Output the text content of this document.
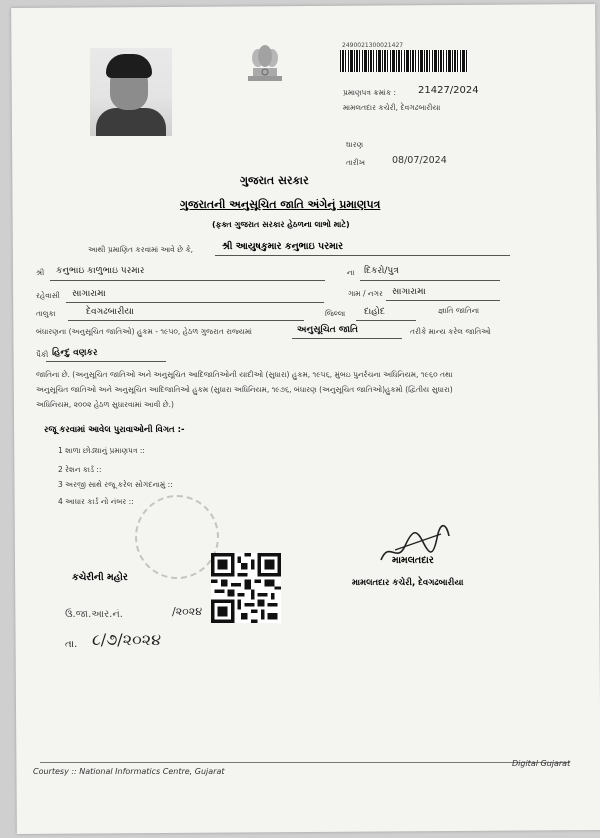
2490021300021427
પ્રમાણપત્ર ક્રમાંક : 21427/2024
મામલતદાર કચેરી, દેવગઢબારીયા
ઘારણ
તારીખ	08/07/2024
ગુજરાત સરકાર
ગુજરાતની અનુસૂચિત જાતિ અંગેનું પ્રમાણપત્ર
(ફક્ત ગુજરાત સરકાર હેઠળના લાભો માટે)
આથી પ્રમાણિત કરવામાં આવે છે કે,	શ્રી આયુષકુમાર કનુભાઇ પરમાર
શ્રી કનુભાઇ કાળુભાઇ પરમાર	ના દિકરો/પુત્ર
રહેવાસી સાગારામા	ગામ / નગર સાગારામા
તાલુકા	દેવગઢબારીયા	જિલ્લા દાહોદ	જ્ઞાતિ જાતિના
બંધારણના (અનુસૂચિત જાતિઓ) હુકમ - ૧૯૫૦, હેઠળ ગુજરાત રાજ્યમાં	અનુસૂચિત જાતિ	તરીકે માન્ય કરેલ જાતિઓ
પૈકી હિન્દુ વણકર
જાતિના છે. (અનુસૂચિત જાતિઓ અને અનુસૂચિત આદિજાતિઓની યાદીઓ (સુધારા) હુકમ, ૧૯૫૬, મુંબઇ પુનર્રચના અધિનિયમ, ૧૯૬૦ તથા
અનુસૂચિત જાતિઓ અને અનુસૂચિત આદિજાતિઓ હુકમ (સુધારા અધિનિયમ, ૧૯૭૬, બંધારણ (અનુસૂચિત જાતિઓ)હુકમો (દ્વિતીય સુધારા)
અધિનિયમ, ૨૦૦૨ હેઠળ સુધારવામાં આવી છે.)
રજૂ કરવામાં આવેલ પુરાવાઓની વિગત :-
1 શાળા છોડ્યાનું પ્રમાણપત્ર ::
2 રેશન કાર્ડ ::
3 અરજી સાથે રજૂ કરેલ સોગંદનામું ::
4 આધાર કાર્ડ નો નંબર ::
મામલતદાર
મામલતદાર કચેરી, દેવગઢબારીયા
કચેરીની મહોર
ઉ.જા.આર.નં.	/૨૦૨૪
તા. ૮/૭/૨૦૨૪
Courtesy :: National Informatics Centre, Gujarat
Digital Gujarat
